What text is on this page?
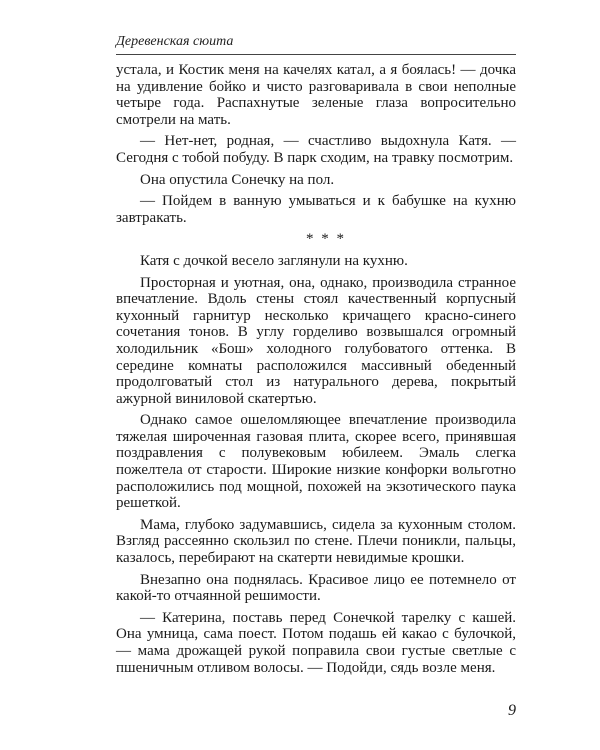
Деревенская сюита

устала, и Костик меня на качелях катал, а я боялась! — дочка на удивление бойко и чисто разговаривала в свои неполные четыре года. Распахнутые зеленые глаза вопросительно смотрели на мать.

— Нет-нет, родная, — счастливо выдохнула Катя. — Сегодня с тобой побуду. В парк сходим, на травку посмотрим.

Она опустила Сонечку на пол.

— Пойдем в ванную умываться и к бабушке на кухню завтракать.

* * *

Катя с дочкой весело заглянули на кухню.

Просторная и уютная, она, однако, производила странное впечатление. Вдоль стены стоял качественный корпусный кухонный гарнитур несколько кричащего красно-синего сочетания тонов. В углу горделиво возвышался огромный холодильник «Бош» холодного голубоватого оттенка. В середине комнаты расположился массивный обеденный продолговатый стол из натурального дерева, покрытый ажурной виниловой скатертью.

Однако самое ошеломляющее впечатление производила тяжелая широченная газовая плита, скорее всего, принявшая поздравления с полувековым юбилеем. Эмаль слегка пожелтела от старости. Широкие низкие конфорки вольготно расположились под мощной, похожей на экзотического паука решеткой.

Мама, глубоко задумавшись, сидела за кухонным столом. Взгляд рассеянно скользил по стене. Плечи поникли, пальцы, казалось, перебирают на скатерти невидимые крошки.

Внезапно она поднялась. Красивое лицо ее потемнело от какой-то отчаянной решимости.

— Катерина, поставь перед Сонечкой тарелку с кашей. Она умница, сама поест. Потом подашь ей какао с булочкой, — мама дрожащей рукой поправила свои густые светлые с пшеничным отливом волосы. — Подойди, сядь возле меня.

9
